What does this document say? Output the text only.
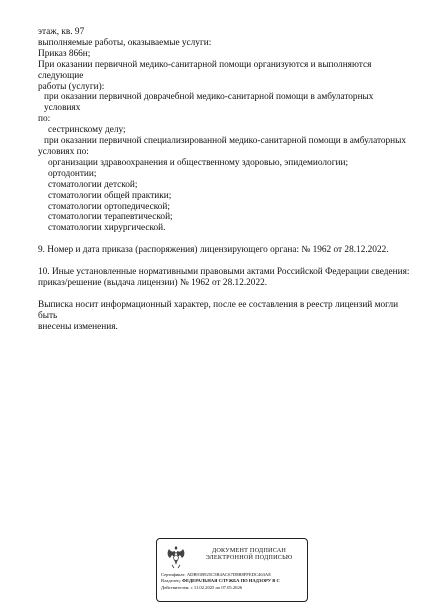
этаж, кв. 97

выполняемые работы, оказываемые услуги:

Приказ 866н;

При оказании первичной медико-санитарной помощи организуются и выполняются следующие

работы (услуги):

при оказании первичной доврачебной медико-санитарной помощи в амбулаторных условиях

по:

сестринскому делу;

при оказании первичной специализированной медико-санитарной помощи в амбулаторных

условиях по:

организации здравоохранения и общественному здоровью, эпидемиологии;

ортодонтии;

стоматологии детской;

стоматологии общей практики;

стоматологии ортопедической;

стоматологии терапевтической;

стоматологии хирургической.

9. Номер и дата приказа (распоряжения) лицензирующего органа: № 1962 от 28.12.2022.

10. Иные установленные нормативными правовыми актами Российской Федерации сведения:

приказ/решение (выдача лицензии) № 1962 от 28.12.2022.

Выписка носит информационный характер, после ее составления в реестр лицензий могли быть

внесены изменения.

ДОКУМЕНТ ПОДПИСАН
ЭЛЕКТРОННОЙ ПОДПИСЬЮ
Сертификат: ADB91B925C5B4AC67D8B8FFEDC463AE
Владелец: ФЕДЕРАЛЬНАЯ СЛУЖБА ПО НАДЗОРУ В С
Действителен: с 11.02.2025 по 07.05.2026
